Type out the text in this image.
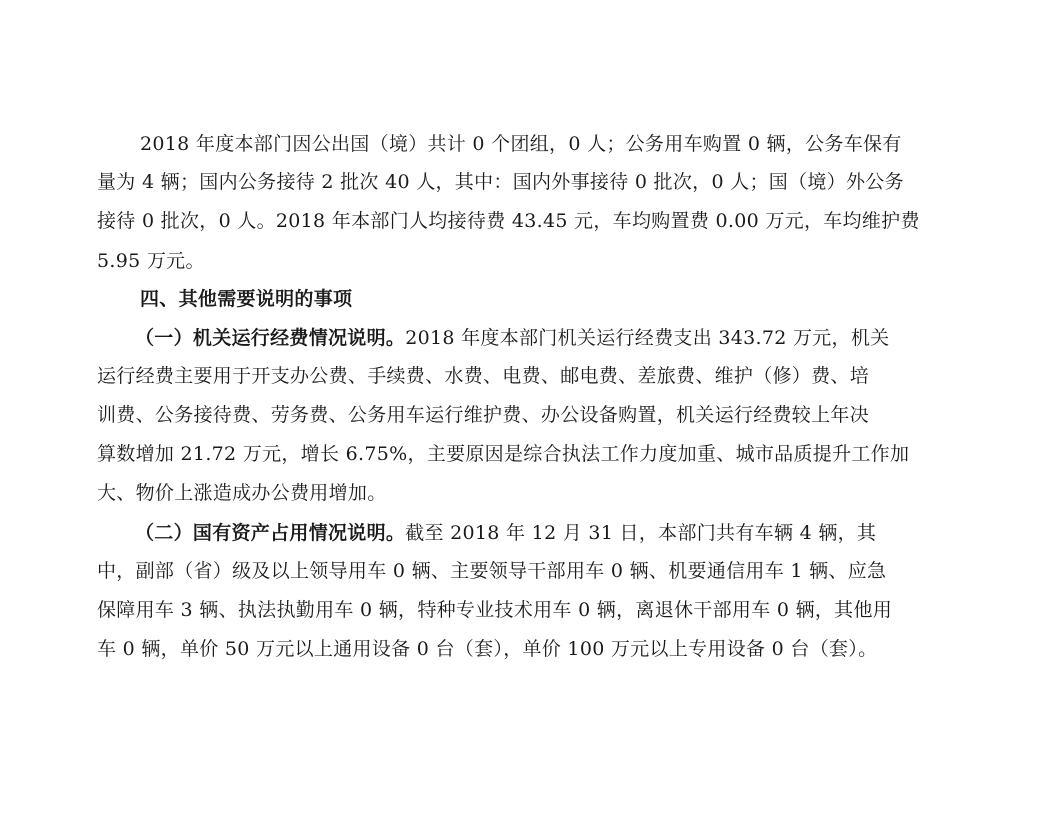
2018 年度本部门因公出国（境）共计 0 个团组，0 人；公务用车购置 0 辆，公务车保有
量为 4 辆；国内公务接待 2 批次 40 人，其中：国内外事接待 0 批次，0 人；国（境）外公务
接待 0 批次，0 人。2018 年本部门人均接待费 43.45 元，车均购置费 0.00 万元，车均维护费
5.95 万元。
四、其他需要说明的事项
（一）机关运行经费情况说明。2018 年度本部门机关运行经费支出 343.72 万元，机关
运行经费主要用于开支办公费、手续费、水费、电费、邮电费、差旅费、维护（修）费、培
训费、公务接待费、劳务费、公务用车运行维护费、办公设备购置，机关运行经费较上年决
算数增加 21.72 万元，增长 6.75%，主要原因是综合执法工作力度加重、城市品质提升工作加
大、物价上涨造成办公费用增加。
（二）国有资产占用情况说明。截至 2018 年 12 月 31 日，本部门共有车辆 4 辆，其
中，副部（省）级及以上领导用车 0 辆、主要领导干部用车 0 辆、机要通信用车 1 辆、应急
保障用车 3 辆、执法执勤用车 0 辆，特种专业技术用车 0 辆，离退休干部用车 0 辆，其他用
车 0 辆，单价 50 万元以上通用设备 0 台（套），单价 100 万元以上专用设备 0 台（套）。
